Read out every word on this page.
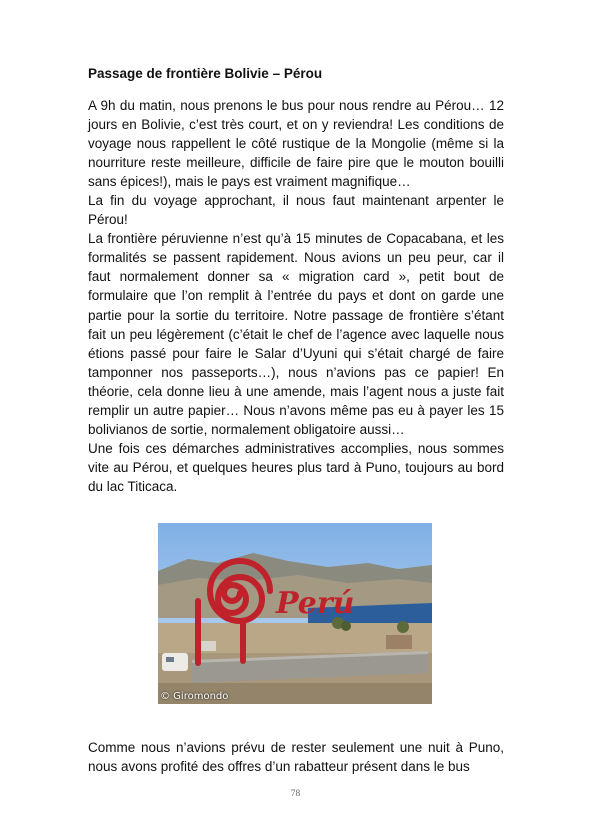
Passage de frontière Bolivie – Pérou

A 9h du matin, nous prenons le bus pour nous rendre au Pérou… 12 jours en Bolivie, c’est très court, et on y reviendra! Les conditions de voyage nous rappellent le côté rustique de la Mongolie (même si la nourriture reste meilleure, difficile de faire pire que le mouton bouilli sans épices!), mais le pays est vraiment magnifique…

La fin du voyage approchant, il nous faut maintenant arpenter le Pérou!

La frontière péruvienne n’est qu’à 15 minutes de Copacabana, et les formalités se passent rapidement. Nous avions un peu peur, car il faut normalement donner sa « migration card », petit bout de formulaire que l’on remplit à l’entrée du pays et dont on garde une partie pour la sortie du territoire. Notre passage de frontière s’étant fait un peu légèrement (c’était le chef de l’agence avec laquelle nous étions passé pour faire le Salar d’Uyuni qui s’était chargé de faire tamponner nos passeports…), nous n’avions pas ce papier! En théorie, cela donne lieu à une amende, mais l’agent nous a juste fait remplir un autre papier… Nous n’avons même pas eu à payer les 15 bolivianos de sortie, normalement obligatoire aussi…

Une fois ces démarches administratives accomplies, nous sommes vite au Pérou, et quelques heures plus tard à Puno, toujours au bord du lac Titicaca.

Perú
© Giromondo

Comme nous n’avions prévu de rester seulement une nuit à Puno, nous avons profité des offres d’un rabatteur présent dans le bus

78
